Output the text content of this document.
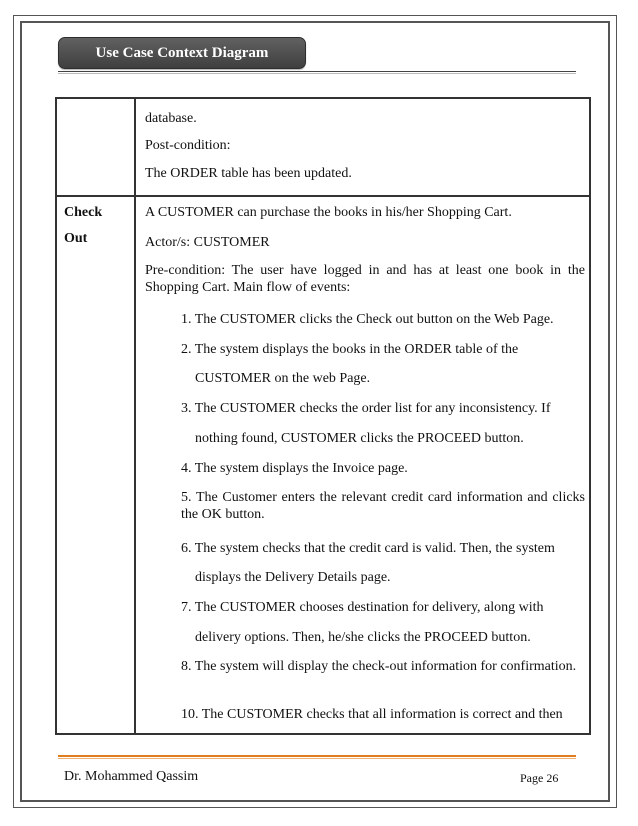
Use Case Context Diagram
database.
Post-condition:
The ORDER table has been updated.
Check
Out
A CUSTOMER can purchase the books in his/her Shopping Cart.
Actor/s: CUSTOMER
Pre-condition: The user have logged in and has at least one book in the Shopping Cart. Main flow of events:
1. The CUSTOMER clicks the Check out button on the Web Page.
2. The system displays the books in the ORDER table of the
CUSTOMER on the web Page.
3. The CUSTOMER checks the order list for any inconsistency. If
nothing found, CUSTOMER clicks the PROCEED button.
4. The system displays the Invoice page.
5. The Customer enters the relevant credit card information and clicks the OK button.
6. The system checks that the credit card is valid. Then, the system
displays the Delivery Details page.
7. The CUSTOMER chooses destination for delivery, along with
delivery options. Then, he/she clicks the PROCEED button.
8. The system will display the check-out information for confirmation.
10. The CUSTOMER checks that all information is correct and then
Dr. Mohammed Qassim	Page 26
